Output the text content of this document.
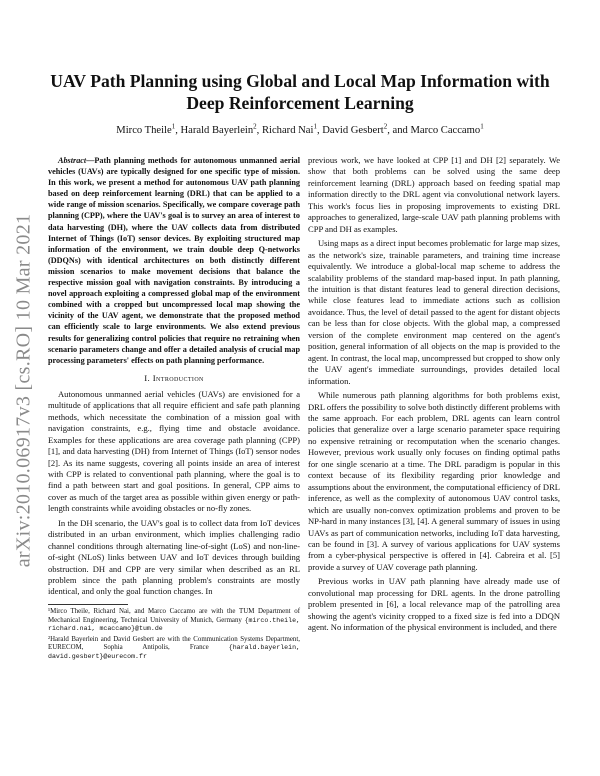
arXiv:2010.06917v3 [cs.RO] 10 Mar 2021
UAV Path Planning using Global and Local Map Information with Deep Reinforcement Learning
Mirco Theile$^1$, Harald Bayerlein$^2$, Richard Nai$^1$, David Gesbert$^2$, and Marco Caccamo$^1$

Abstract—Path planning methods for autonomous unmanned aerial vehicles (UAVs) are typically designed for one specific type of mission. In this work, we present a method for autonomous UAV path planning based on deep reinforcement learning (DRL) that can be applied to a wide range of mission scenarios. Specifically, we compare coverage path planning (CPP), where the UAV's goal is to survey an area of interest to data harvesting (DH), where the UAV collects data from distributed Internet of Things (IoT) sensor devices. By exploiting structured map information of the environment, we train double deep Q-networks (DDQNs) with identical architectures on both distinctly different mission scenarios to make movement decisions that balance the respective mission goal with navigation constraints. By introducing a novel approach exploiting a compressed global map of the environment combined with a cropped but uncompressed local map showing the vicinity of the UAV agent, we demonstrate that the proposed method can efficiently scale to large environments. We also extend previous results for generalizing control policies that require no retraining when scenario parameters change and offer a detailed analysis of crucial map processing parameters' effects on path planning performance.

I. Introduction

Autonomous unmanned aerial vehicles (UAVs) are envisioned for a multitude of applications that all require efficient and safe path planning methods, which necessitate the combination of a mission goal with navigation constraints, e.g., flying time and obstacle avoidance. Examples for these applications are area coverage path planning (CPP) [1], and data harvesting (DH) from Internet of Things (IoT) sensor nodes [2]. As its name suggests, covering all points inside an area of interest with CPP is related to conventional path planning, where the goal is to find a path between start and goal positions. In general, CPP aims to cover as much of the target area as possible within given energy or path-length constraints while avoiding obstacles or no-fly zones.

In the DH scenario, the UAV's goal is to collect data from IoT devices distributed in an urban environment, which implies challenging radio channel conditions through alternating line-of-sight (LoS) and non-line-of-sight (NLoS) links between UAV and IoT devices through building obstruction. DH and CPP are very similar when described as an RL problem since the path planning problem's constraints are mostly identical, and only the goal function changes. In

¹Mirco Theile, Richard Nai, and Marco Caccamo are with the TUM Department of Mechanical Engineering, Technical University of Munich, Germany {mirco.theile, richard.nai, mcaccamo}@tum.de

²Harald Bayerlein and David Gesbert are with the Communication Systems Department, EURECOM, Sophia Antipolis, France	{harald.bayerlein, david.gesbert}@eurecom.fr

previous work, we have looked at CPP [1] and DH [2] separately. We show that both problems can be solved using the same deep reinforcement learning (DRL) approach based on feeding spatial map information directly to the DRL agent via convolutional network layers. This work's focus lies in proposing improvements to existing DRL approaches to generalized, large-scale UAV path planning problems with CPP and DH as examples.

Using maps as a direct input becomes problematic for large map sizes, as the network's size, trainable parameters, and training time increase equivalently. We introduce a global-local map scheme to address the scalability problems of the standard map-based input. In path planning, the intuition is that distant features lead to general direction decisions, while close features lead to immediate actions such as collision avoidance. Thus, the level of detail passed to the agent for distant objects can be less than for close objects. With the global map, a compressed version of the complete environment map centered on the agent's position, general information of all objects on the map is provided to the agent. In contrast, the local map, uncompressed but cropped to show only the UAV agent's immediate surroundings, provides detailed local information.

While numerous path planning algorithms for both problems exist, DRL offers the possibility to solve both distinctly different problems with the same approach. For each problem, DRL agents can learn control policies that generalize over a large scenario parameter space requiring no expensive retraining or recomputation when the scenario changes. However, previous work usually only focuses on finding optimal paths for one single scenario at a time. The DRL paradigm is popular in this context because of its flexibility regarding prior knowledge and assumptions about the environment, the computational efficiency of DRL inference, as well as the complexity of autonomous UAV control tasks, which are usually non-convex optimization problems and proven to be NP-hard in many instances [3], [4]. A general summary of issues in using UAVs as part of communication networks, including IoT data harvesting, can be found in [3]. A survey of various applications for UAV systems from a cyber-physical perspective is offered in [4]. Cabreira et al. [5] provide a survey of UAV coverage path planning.

Previous works in UAV path planning have already made use of convolutional map processing for DRL agents. In the drone patrolling problem presented in [6], a local relevance map of the patrolling area showing the agent's vicinity cropped to a fixed size is fed into a DDQN agent. No information of the physical environment is included, and there
